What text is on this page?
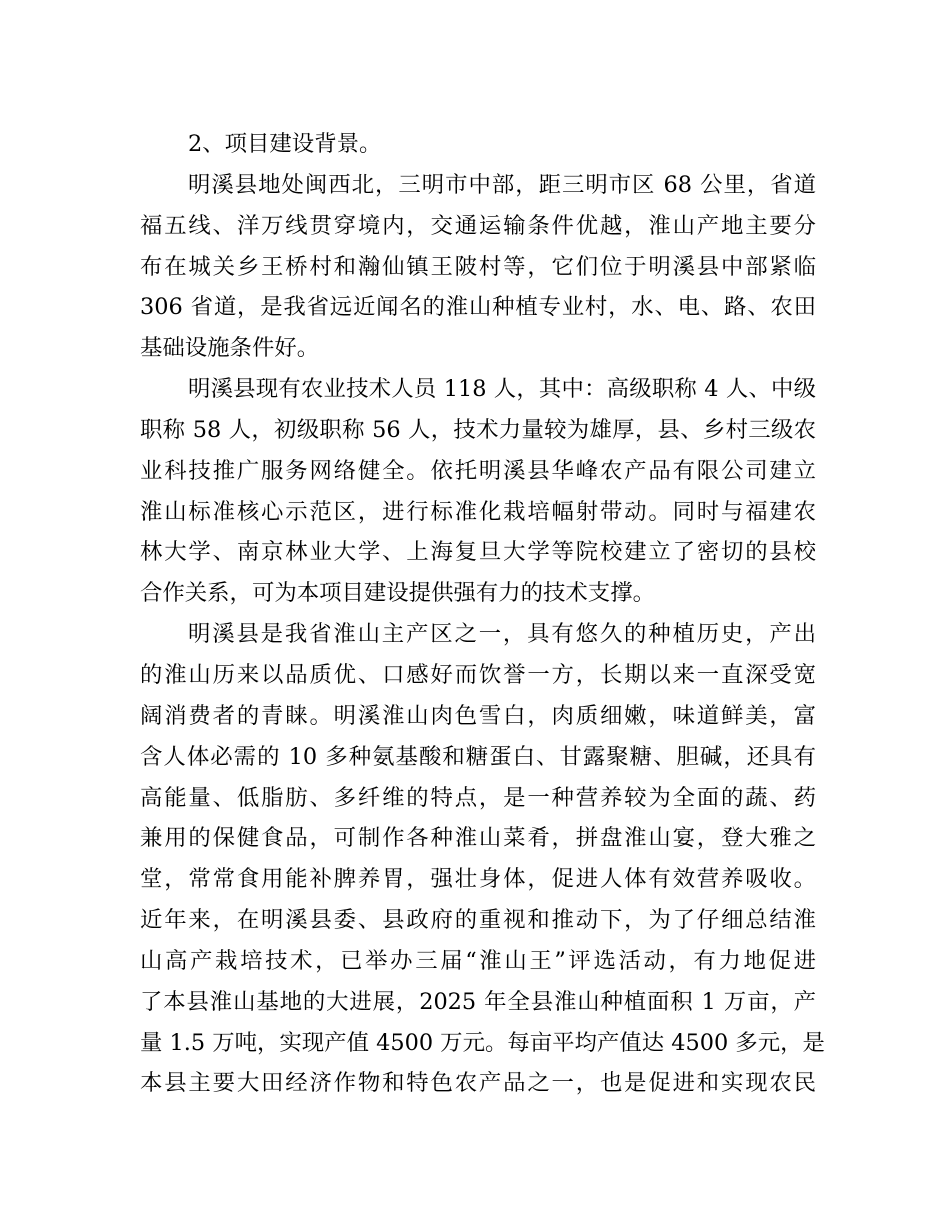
2、项目建设背景。
明溪县地处闽西北，三明市中部，距三明市区 68 公里，省道
福五线、洋万线贯穿境内，交通运输条件优越，淮山产地主要分
布在城关乡王桥村和瀚仙镇王陂村等，它们位于明溪县中部紧临
306 省道，是我省远近闻名的淮山种植专业村，水、电、路、农田
基础设施条件好。
明溪县现有农业技术人员 118 人，其中：高级职称 4 人、中级
职称 58 人，初级职称 56 人，技术力量较为雄厚，县、乡村三级农
业科技推广服务网络健全。依托明溪县华峰农产品有限公司建立
淮山标准核心示范区，进行标准化栽培幅射带动。同时与福建农
林大学、南京林业大学、上海复旦大学等院校建立了密切的县校
合作关系，可为本项目建设提供强有力的技术支撑。
明溪县是我省淮山主产区之一，具有悠久的种植历史，产出
的淮山历来以品质优、口感好而饮誉一方，长期以来一直深受宽
阔消费者的青睐。明溪淮山肉色雪白，肉质细嫩，味道鲜美，富
含人体必需的 10 多种氨基酸和糖蛋白、甘露聚糖、胆碱，还具有
高能量、低脂肪、多纤维的特点，是一种营养较为全面的蔬、药
兼用的保健食品，可制作各种淮山菜肴，拼盘淮山宴，登大雅之
堂，常常食用能补脾养胃，强壮身体，促进人体有效营养吸收。
近年来，在明溪县委、县政府的重视和推动下，为了仔细总结淮
山高产栽培技术，已举办三届“淮山王”评选活动，有力地促进
了本县淮山基地的大进展，2025 年全县淮山种植面积 1 万亩，产
量 1.5 万吨，实现产值 4500 万元。每亩平均产值达 4500 多元，是
本县主要大田经济作物和特色农产品之一，也是促进和实现农民
